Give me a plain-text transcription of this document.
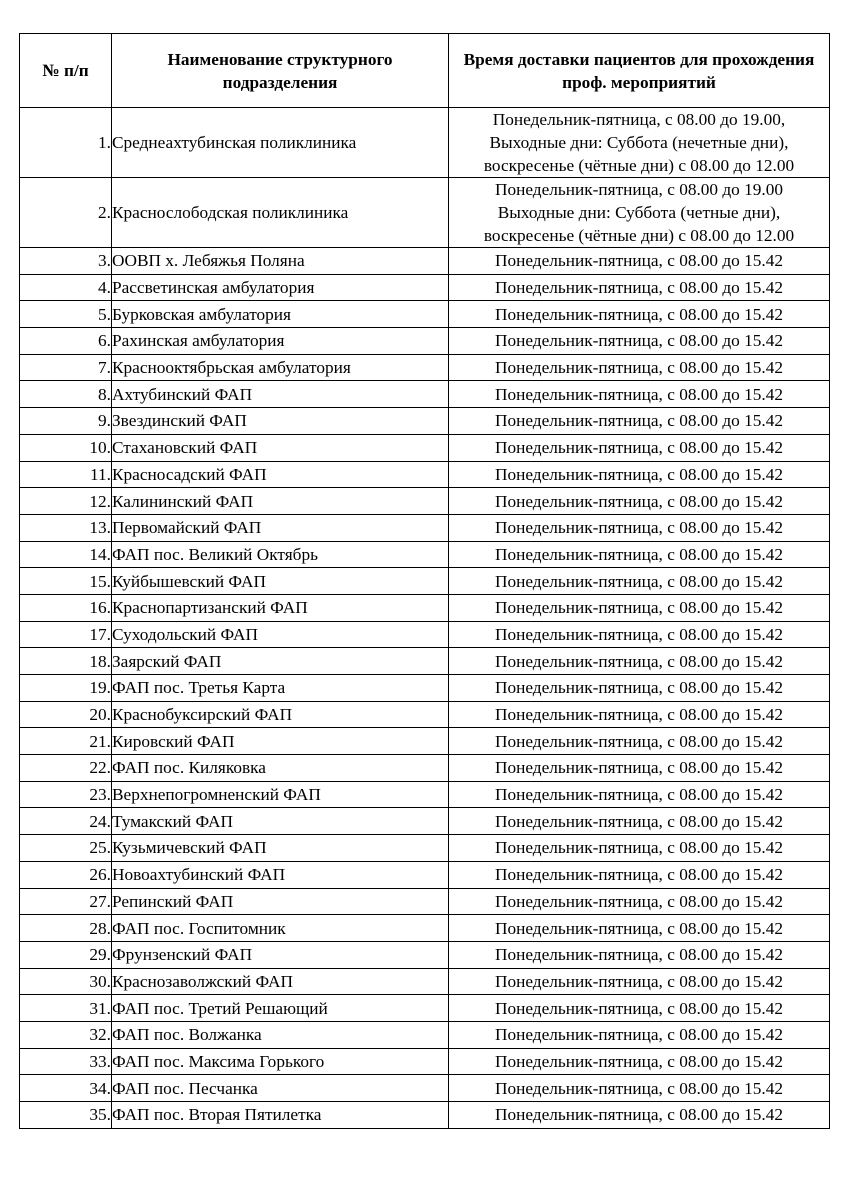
№ п/п	Наименование структурного подразделения	Время доставки пациентов для прохождения проф. мероприятий
1.	Среднеахтубинская поликлиника	Понедельник-пятница, с 08.00 до 19.00,
Выходные дни: Суббота (нечетные дни),
воскресенье (чётные дни) с 08.00 до 12.00

2.	Краснослободская поликлиника	Понедельник-пятница, с 08.00 до 19.00
Выходные дни: Суббота (четные дни),
воскресенье (чётные дни) с 08.00 до 12.00

3.	ООВП х. Лебяжья Поляна	Понедельник-пятница, с 08.00 до 15.42

4.	Рассветинская амбулатория	Понедельник-пятница, с 08.00 до 15.42

5.	Бурковская амбулатория	Понедельник-пятница, с 08.00 до 15.42

6.	Рахинская амбулатория	Понедельник-пятница, с 08.00 до 15.42

7.	Краснооктябрьская амбулатория	Понедельник-пятница, с 08.00 до 15.42

8.	Ахтубинский ФАП	Понедельник-пятница, с 08.00 до 15.42

9.	Звездинский ФАП	Понедельник-пятница, с 08.00 до 15.42

10.	Стахановский ФАП	Понедельник-пятница, с 08.00 до 15.42

11.	Красносадский ФАП	Понедельник-пятница, с 08.00 до 15.42

12.	Калининский ФАП	Понедельник-пятница, с 08.00 до 15.42

13.	Первомайский ФАП	Понедельник-пятница, с 08.00 до 15.42

14.	ФАП пос. Великий Октябрь	Понедельник-пятница, с 08.00 до 15.42

15.	Куйбышевский ФАП	Понедельник-пятница, с 08.00 до 15.42

16.	Краснопартизанский ФАП	Понедельник-пятница, с 08.00 до 15.42

17.	Суходольский ФАП	Понедельник-пятница, с 08.00 до 15.42

18.	Заярский ФАП	Понедельник-пятница, с 08.00 до 15.42

19.	ФАП пос. Третья Карта	Понедельник-пятница, с 08.00 до 15.42

20.	Краснобуксирский ФАП	Понедельник-пятница, с 08.00 до 15.42

21.	Кировский ФАП	Понедельник-пятница, с 08.00 до 15.42

22.	ФАП пос. Киляковка	Понедельник-пятница, с 08.00 до 15.42

23.	Верхнепогромненский ФАП	Понедельник-пятница, с 08.00 до 15.42

24.	Тумакский ФАП	Понедельник-пятница, с 08.00 до 15.42

25.	Кузьмичевский ФАП	Понедельник-пятница, с 08.00 до 15.42

26.	Новоахтубинский ФАП	Понедельник-пятница, с 08.00 до 15.42

27.	Репинский ФАП	Понедельник-пятница, с 08.00 до 15.42

28.	ФАП пос. Госпитомник	Понедельник-пятница, с 08.00 до 15.42

29.	Фрунзенский ФАП	Понедельник-пятница, с 08.00 до 15.42

30.	Краснозаволжский ФАП	Понедельник-пятница, с 08.00 до 15.42

31.	ФАП пос. Третий Решающий	Понедельник-пятница, с 08.00 до 15.42

32.	ФАП пос. Волжанка	Понедельник-пятница, с 08.00 до 15.42

33.	ФАП пос. Максима Горького	Понедельник-пятница, с 08.00 до 15.42

34.	ФАП пос. Песчанка	Понедельник-пятница, с 08.00 до 15.42

35.	ФАП пос. Вторая Пятилетка	Понедельник-пятница, с 08.00 до 15.42
